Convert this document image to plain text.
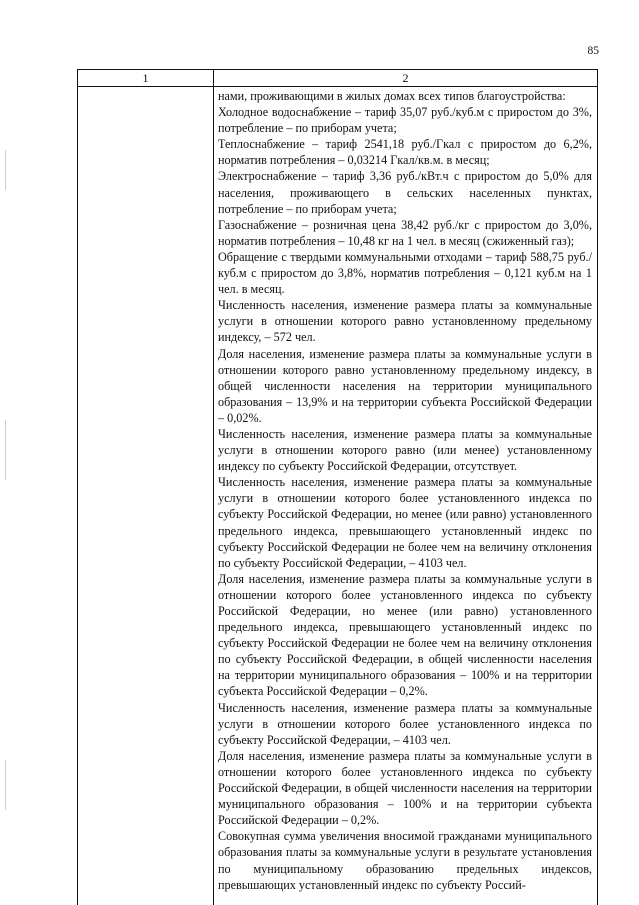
85
1	2

нами, проживающими в жилых домах всех типов благоустройства:

Холодное водоснабжение – тариф 35,07 руб./куб.м с приростом до 3%, потребление – по приборам учета;

Теплоснабжение – тариф 2541,18 руб./Гкал с приростом до 6,2%, норматив потребления – 0,03214 Гкал/кв.м. в месяц;

Электроснабжение – тариф 3,36 руб./кВт.ч с приростом до 5,0% для населения, проживающего в сельских населенных пунктах, потребление – по приборам учета;

Газоснабжение – розничная цена 38,42 руб./кг с приростом до 3,0%, норматив потребления – 10,48 кг на 1 чел. в месяц (сжиженный газ);

Обращение с твердыми коммунальными отходами – тариф 588,75 руб./куб.м с приростом до 3,8%, норматив потребления – 0,121 куб.м на 1 чел. в месяц.

Численность населения, изменение размера платы за коммунальные услуги в отношении которого равно установленному предельному индексу, – 572 чел.

Доля населения, изменение размера платы за коммунальные услуги в отношении которого равно установленному предельному индексу, в общей численности населения на территории муниципального образования – 13,9% и на территории субъекта Российской Федерации – 0,02%.

Численность населения, изменение размера платы за коммунальные услуги в отношении которого равно (или менее) установленному индексу по субъекту Российской Федерации, отсутствует.

Численность населения, изменение размера платы за коммунальные услуги в отношении которого более установленного индекса по субъекту Российской Федерации, но менее (или равно) установленного предельного индекса, превышающего установленный индекс по субъекту Российской Федерации не более чем на величину отклонения по субъекту Российской Федерации, – 4103 чел.

Доля населения, изменение размера платы за коммунальные услуги в отношении которого более установленного индекса по субъекту Российской Федерации, но менее (или равно) установленного предельного индекса, превышающего установленный индекс по субъекту Российской Федерации не более чем на величину отклонения по субъекту Российской Федерации, в общей численности населения на территории муниципального образования – 100% и на территории субъекта Российской Федерации – 0,2%.

Численность населения, изменение размера платы за коммунальные услуги в отношении которого более установленного индекса по субъекту Российской Федерации, – 4103 чел.

Доля населения, изменение размера платы за коммунальные услуги в отношении которого более установленного индекса по субъекту Российской Федерации, в общей численности населения на территории муниципального образования – 100% и на территории субъекта Российской Федерации – 0,2%.

Совокупная сумма увеличения вносимой гражданами муниципального образования платы за коммунальные услуги в результате установления по муниципальному образованию предельных индексов, превышающих установленный индекс по субъекту Россий-
